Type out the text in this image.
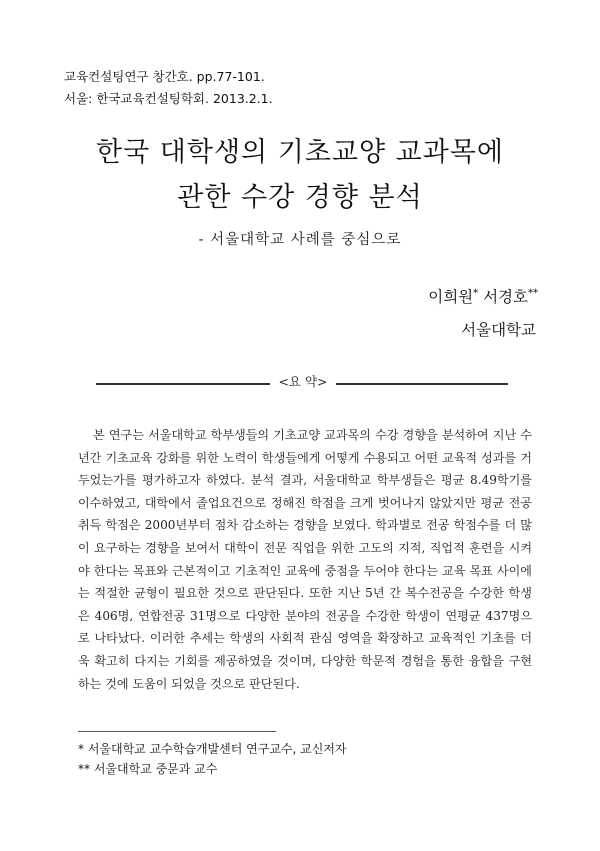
교육컨설팅연구 창간호. pp.77-101.
서울: 한국교육컨설팅학회. 2013.2.1.
한국 대학생의 기초교양 교과목에
관한 수강 경향 분석
- 서울대학교 사례를 중심으로
이희원* 서경호**
서울대학교
<요 약>

본 연구는 서울대학교 학부생들의 기초교양 교과목의 수강 경향을 분석하여 지난 수년간 기초교육 강화를 위한 노력이 학생들에게 어떻게 수용되고 어떤 교육적 성과를 거두었는가를 평가하고자 하였다. 분석 결과, 서울대학교 학부생들은 평균 8.49학기를 이수하였고, 대학에서 졸업요건으로 정해진 학점을 크게 벗어나지 않았지만 평균 전공 취득 학점은 2000년부터 점차 감소하는 경향을 보였다. 학과별로 전공 학점수를 더 많이 요구하는 경향을 보여서 대학이 전문 직업을 위한 고도의 지적, 직업적 훈련을 시켜야 한다는 목표와 근본적이고 기초적인 교육에 중점을 두어야 한다는 교육 목표 사이에는 적절한 균형이 필요한 것으로 판단된다. 또한 지난 5년 간 복수전공을 수강한 학생은 406명, 연합전공 31명으로 다양한 분야의 전공을 수강한 학생이 연평균 437명으로 나타났다. 이러한 추세는 학생의 사회적 관심 영역을 확장하고 교육적인 기초를 더욱 확고히 다지는 기회를 제공하였을 것이며, 다양한 학문적 경험을 통한 융합을 구현하는 것에 도움이 되었을 것으로 판단된다.

* 서울대학교 교수학습개발센터 연구교수, 교신저자
** 서울대학교 중문과 교수
